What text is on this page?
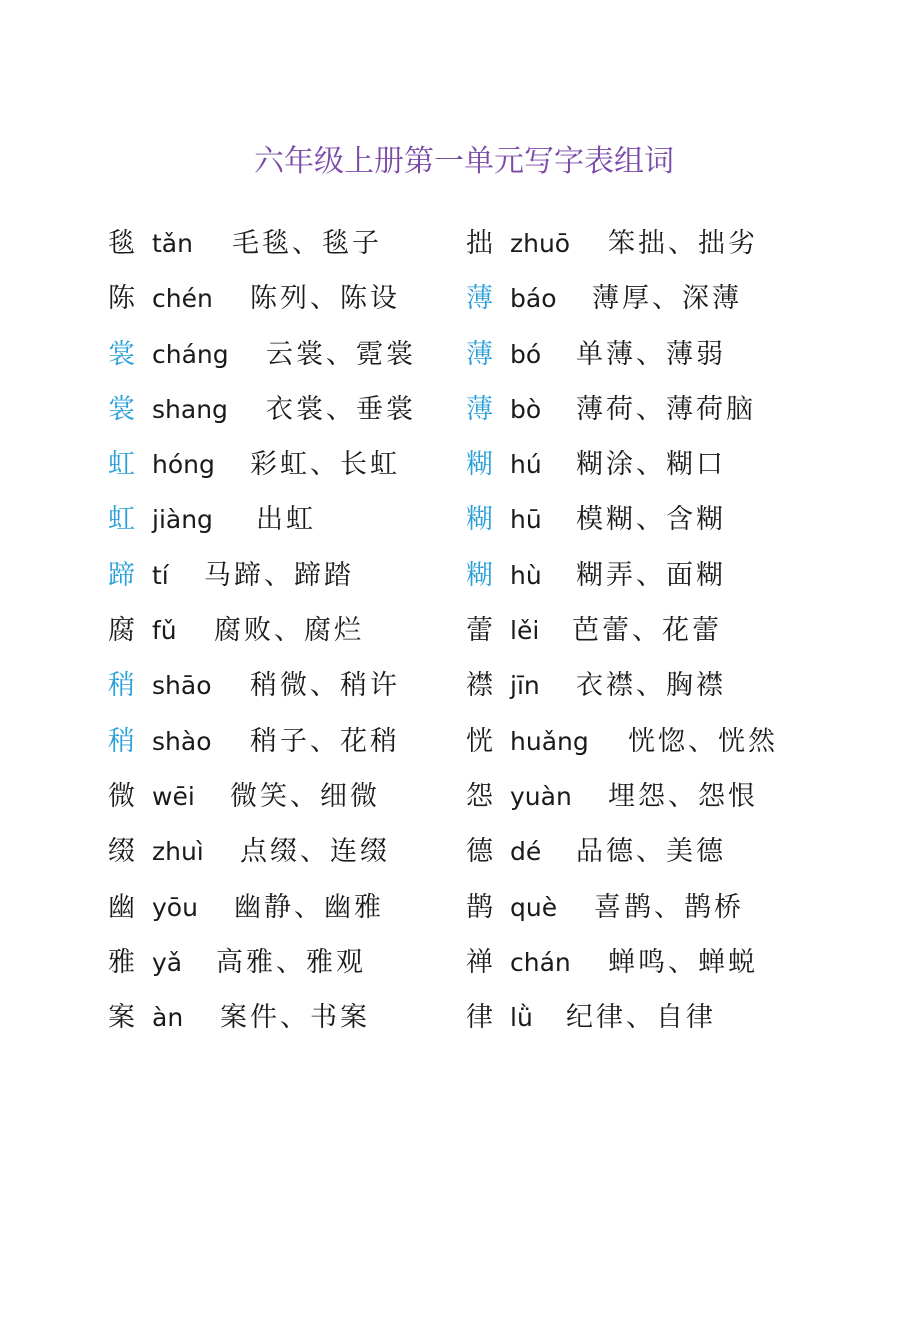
六年级上册第一单元写字表组词
毯 tǎn 毛毯、毯子
陈 chén 陈列、陈设
裳 cháng 云裳、霓裳
裳 shang 衣裳、垂裳
虹 hóng 彩虹、长虹
虹 jiàng 出虹
蹄 tí 马蹄、蹄踏
腐 fǔ 腐败、腐烂
稍 shāo 稍微、稍许
稍 shào 稍子、花稍
微 wēi 微笑、细微
缀 zhuì 点缀、连缀
幽 yōu 幽静、幽雅
雅 yǎ 高雅、雅观
案 àn 案件、书案
拙 zhuō 笨拙、拙劣
薄 báo 薄厚、深薄
薄 bó 单薄、薄弱
薄 bò 薄荷、薄荷脑
糊 hú 糊涂、糊口
糊 hū 模糊、含糊
糊 hù 糊弄、面糊
蕾 lěi 芭蕾、花蕾
襟 jīn 衣襟、胸襟
恍 huǎng 恍惚、恍然
怨 yuàn 埋怨、怨恨
德 dé 品德、美德
鹊 què 喜鹊、鹊桥
禅 chán 蝉鸣、蝉蜕
律 lǜ 纪律、自律
